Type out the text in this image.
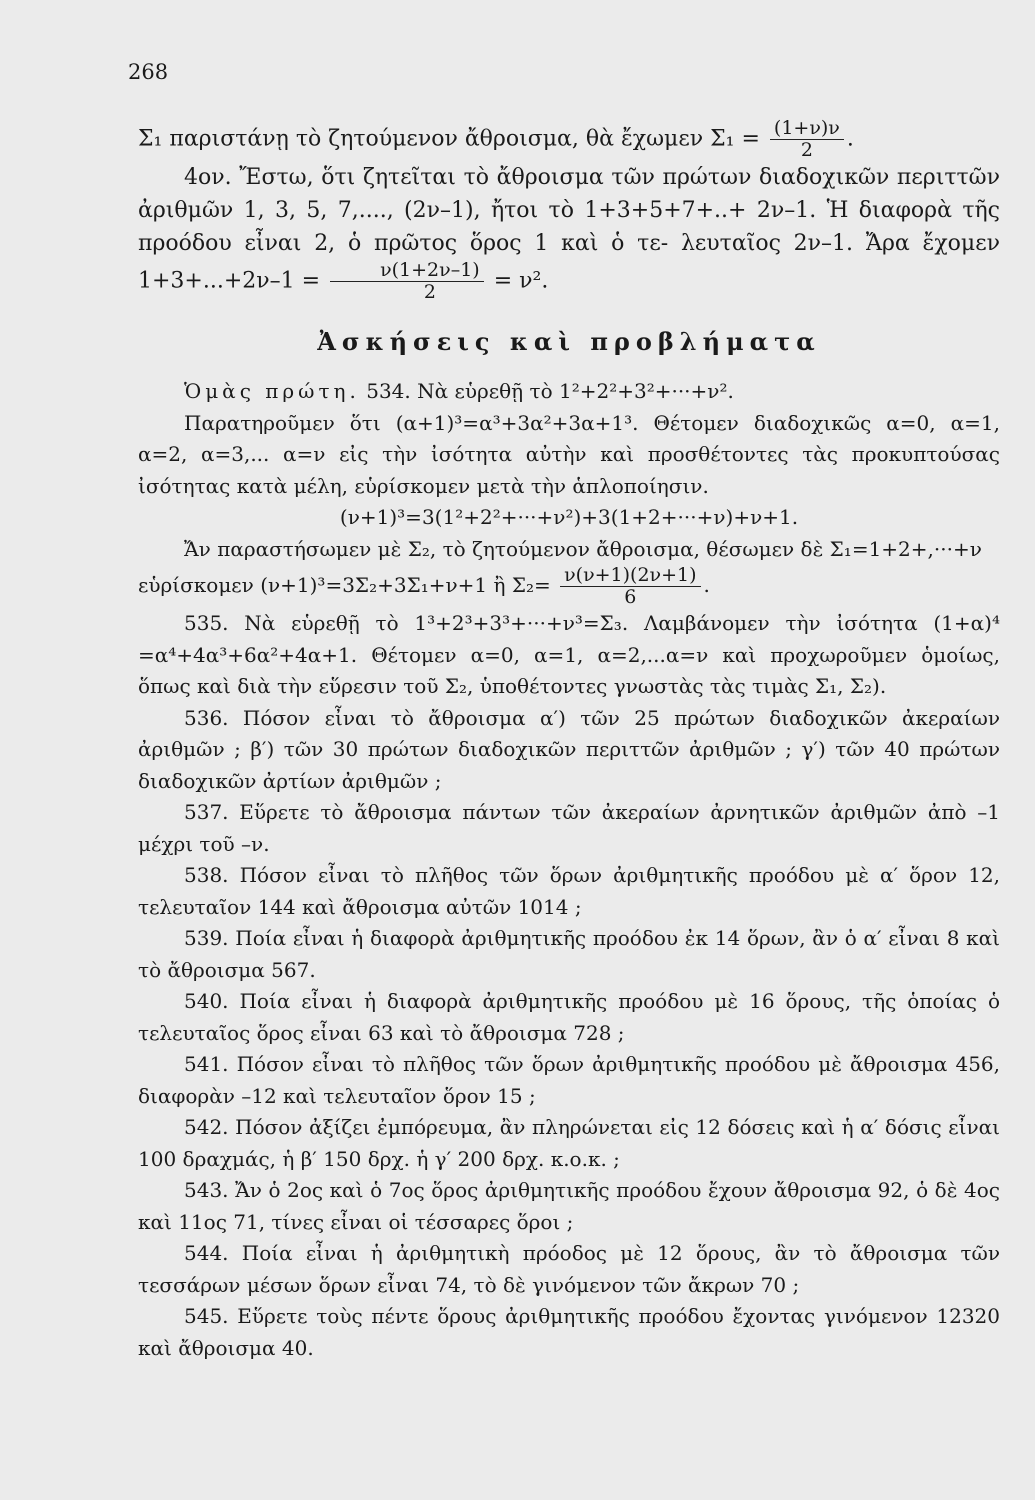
268

Σ₁ παριστάνῃ τὸ ζητούμενον ἄθροισμα, θὰ ἔχωμεν $\Sigma_1 = \frac{(1+\nu)\nu}{2}$ .

4ον. Ἔστω, ὅτι ζητεῖται τὸ ἄθροισμα τῶν πρώτων διαδοχικῶν περιττῶν ἀριθμῶν 1, 3, 5, 7,...., (2ν–1), ἤτοι τὸ 1+3+5+7+..+ 2ν–1. Ἡ διαφορὰ τῆς προόδου εἶναι 2, ὁ πρῶτος ὅρος 1 καὶ ὁ τε- λευταῖος 2ν–1. Ἄρα ἔχομεν $1+3+...+2\nu-1 = \frac{\nu(1+2\nu-1)}{2} = \nu^2$.

Ἀσκήσεις καὶ προβλήματα

Ὁμὰς πρώτη. 534. Νὰ εὑρεθῇ τὸ 1²+2²+3²+···+ν².

Παρατηροῦμεν ὅτι (α+1)³=α³+3α²+3α+1³. Θέτομεν διαδοχικῶς α=0, α=1, α=2, α=3,... α=ν εἰς τὴν ἰσότητα αὐτὴν καὶ προσθέτοντες τὰς προκυπτούσας ἰσότητας κατὰ μέλη, εὑρίσκομεν μετὰ τὴν ἁπλοποίησιν.

(ν+1)³=3(1²+2²+···+ν²)+3(1+2+···+ν)+ν+1.

Ἄν παραστήσωμεν μὲ Σ₂, τὸ ζητούμενον ἄθροισμα, θέσωμεν δὲ Σ₁=1+2+,···+ν

εὑρίσκομεν (ν+1)³=3Σ₂+3Σ₁+ν+1 ἢ $\Sigma_2= \frac{\nu(\nu+1)(2\nu+1)}{6}$ .

535. Νὰ εὑρεθῇ τὸ 1³+2³+3³+···+ν³=Σ₃. Λαμβάνομεν τὴν ἰσότητα (1+α)⁴ =α⁴+4α³+6α²+4α+1. Θέτομεν α=0, α=1, α=2,...α=ν καὶ προχωροῦμεν ὁμοίως, ὅπως καὶ διὰ τὴν εὕρεσιν τοῦ Σ₂, ὑποθέτοντες γνωστὰς τὰς τιμὰς Σ₁, Σ₂).

536. Πόσον εἶναι τὸ ἄθροισμα α′) τῶν 25 πρώτων διαδοχικῶν ἀκεραίων ἀριθμῶν ; β′) τῶν 30 πρώτων διαδοχικῶν περιττῶν ἀριθμῶν ; γ′) τῶν 40 πρώτων διαδοχικῶν ἀρτίων ἀριθμῶν ;

537. Εὕρετε τὸ ἄθροισμα πάντων τῶν ἀκεραίων ἀρνητικῶν ἀριθμῶν ἀπὸ –1 μέχρι τοῦ –ν.

538. Πόσον εἶναι τὸ πλῆθος τῶν ὅρων ἀριθμητικῆς προόδου μὲ α′ ὅρον 12, τελευταῖον 144 καὶ ἄθροισμα αὐτῶν 1014 ;

539. Ποία εἶναι ἡ διαφορὰ ἀριθμητικῆς προόδου ἐκ 14 ὅρων, ἂν ὁ α′ εἶναι 8 καὶ τὸ ἄθροισμα 567.

540. Ποία εἶναι ἡ διαφορὰ ἀριθμητικῆς προόδου μὲ 16 ὅρους, τῆς ὁποίας ὁ τελευταῖος ὅρος εἶναι 63 καὶ τὸ ἄθροισμα 728 ;

541. Πόσον εἶναι τὸ πλῆθος τῶν ὅρων ἀριθμητικῆς προόδου μὲ ἄθροισμα 456, διαφορὰν –12 καὶ τελευταῖον ὅρον 15 ;

542. Πόσον ἀξίζει ἐμπόρευμα, ἂν πληρώνεται εἰς 12 δόσεις καὶ ἡ α′ δόσις εἶναι 100 δραχμάς, ἡ β′ 150 δρχ. ἡ γ′ 200 δρχ. κ.ο.κ. ;

543. Ἄν ὁ 2ος καὶ ὁ 7ος ὅρος ἀριθμητικῆς προόδου ἔχουν ἄθροισμα 92, ὁ δὲ 4ος καὶ 11ος 71, τίνες εἶναι οἱ τέσσαρες ὅροι ;

544. Ποία εἶναι ἡ ἀριθμητικὴ πρόοδος μὲ 12 ὅρους, ἂν τὸ ἄθροισμα τῶν τεσσάρων μέσων ὅρων εἶναι 74, τὸ δὲ γινόμενον τῶν ἄκρων 70 ;

545. Εὕρετε τοὺς πέντε ὅρους ἀριθμητικῆς προόδου ἔχοντας γινόμενον 12320 καὶ ἄθροισμα 40.
